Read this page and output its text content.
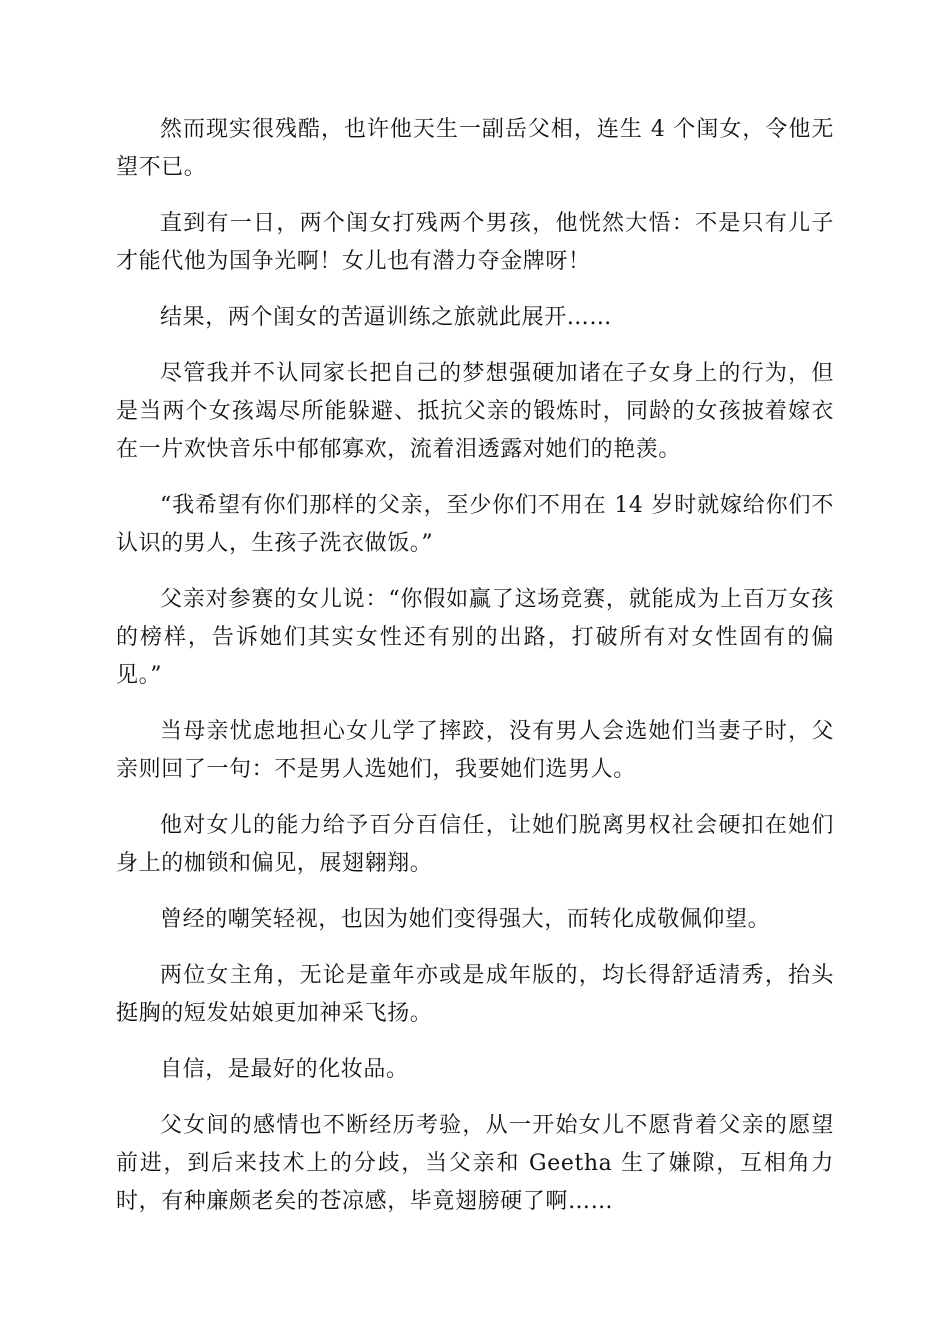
然而现实很残酷，也许他天生一副岳父相，连生 4 个闺女，令他无望不已。

直到有一日，两个闺女打残两个男孩，他恍然大悟：不是只有儿子才能代他为国争光啊！女儿也有潜力夺金牌呀！

结果，两个闺女的苦逼训练之旅就此展开……

尽管我并不认同家长把自己的梦想强硬加诸在子女身上的行为，但是当两个女孩竭尽所能躲避、抵抗父亲的锻炼时，同龄的女孩披着嫁衣在一片欢快音乐中郁郁寡欢，流着泪透露对她们的艳羡。

“我希望有你们那样的父亲，至少你们不用在 14 岁时就嫁给你们不认识的男人，生孩子洗衣做饭。”

父亲对参赛的女儿说：“你假如赢了这场竞赛，就能成为上百万女孩的榜样，告诉她们其实女性还有别的出路，打破所有对女性固有的偏见。”

当母亲忧虑地担心女儿学了摔跤，没有男人会选她们当妻子时，父亲则回了一句：不是男人选她们，我要她们选男人。

他对女儿的能力给予百分百信任，让她们脱离男权社会硬扣在她们身上的枷锁和偏见，展翅翱翔。

曾经的嘲笑轻视，也因为她们变得强大，而转化成敬佩仰望。

两位女主角，无论是童年亦或是成年版的，均长得舒适清秀，抬头挺胸的短发姑娘更加神采飞扬。

自信，是最好的化妆品。

父女间的感情也不断经历考验，从一开始女儿不愿背着父亲的愿望前进，到后来技术上的分歧，当父亲和 Geetha 生了嫌隙，互相角力时，有种廉颇老矣的苍凉感，毕竟翅膀硬了啊……
